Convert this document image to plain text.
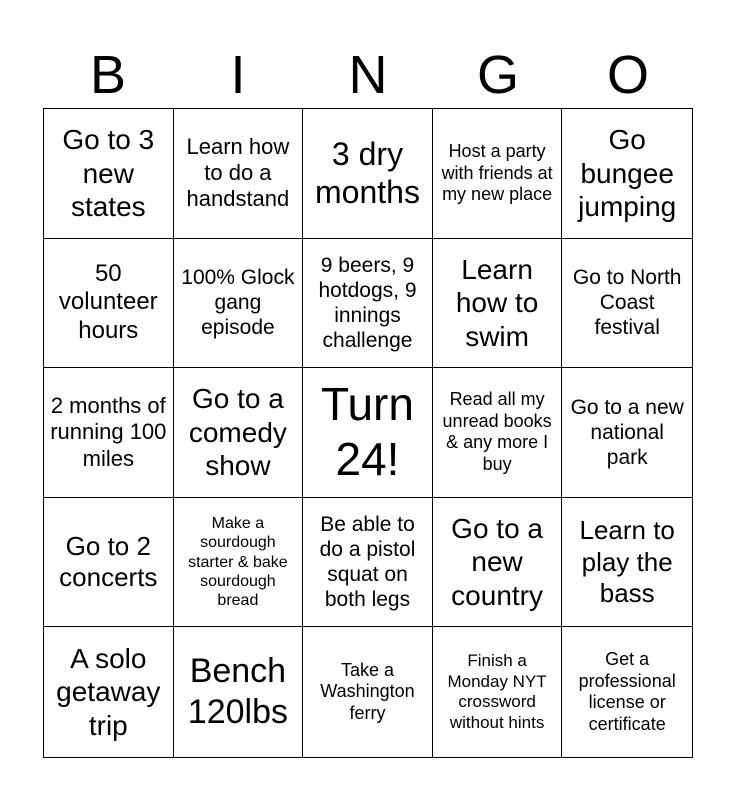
B	I	N	G	O
Go to 3 new states
Learn how to do a handstand
3 dry months
Host a party with friends at my new place
Go bungee jumping
50 volunteer hours
100% Glock gang episode
9 beers, 9 hotdogs, 9 innings challenge
Learn how to swim
Go to North Coast festival
2 months of running 100 miles
Go to a comedy show
Turn 24!
Read all my unread books & any more I buy
Go to a new national park
Go to 2 concerts
Make a sourdough starter & bake sourdough bread
Be able to do a pistol squat on both legs
Go to a new country
Learn to play the bass
A solo getaway trip
Bench 120lbs
Take a Washington ferry
Finish a Monday NYT crossword without hints
Get a professional license or certificate
